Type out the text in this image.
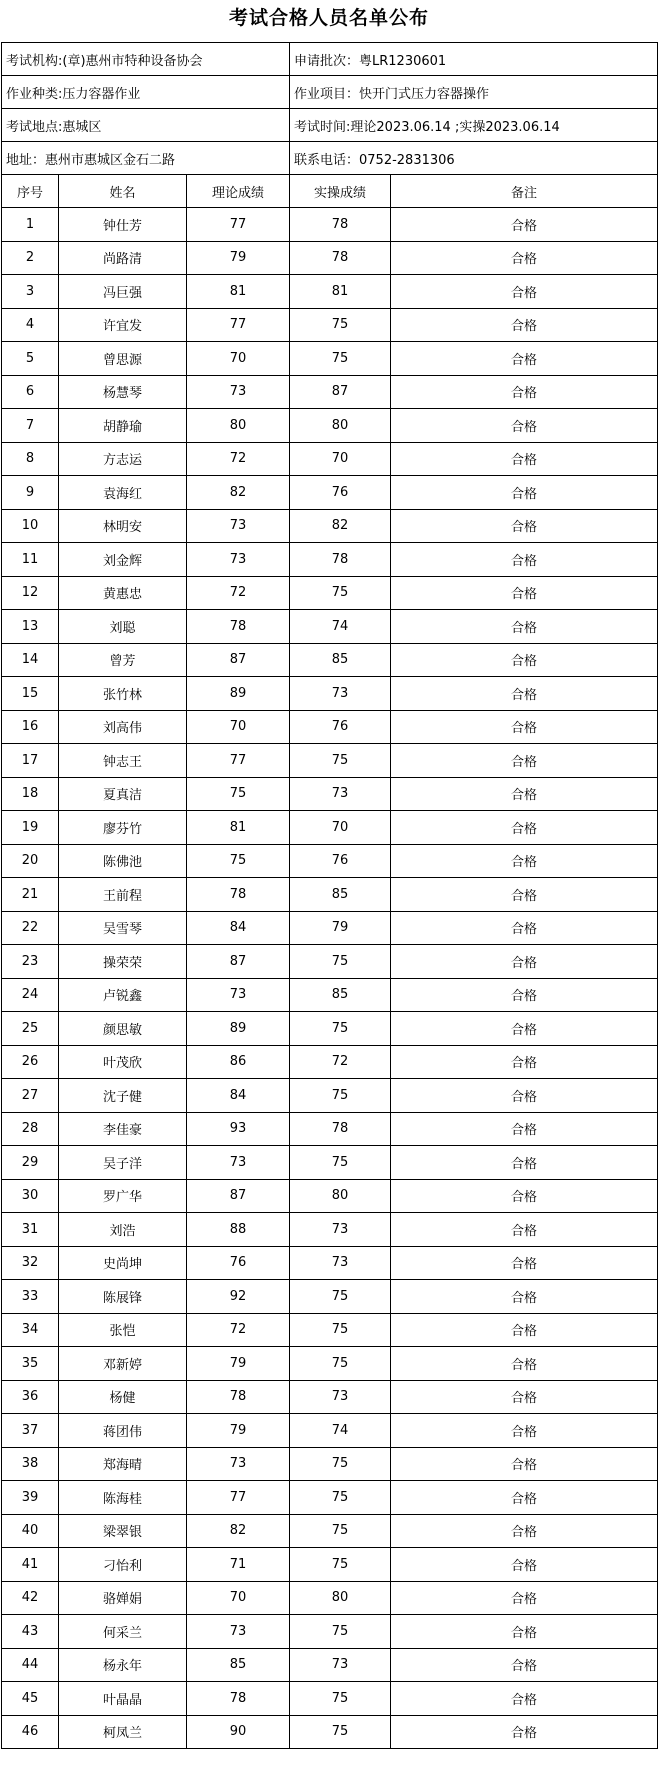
考试合格人员名单公布
考试机构:(章)惠州市特种设备协会			申请批次：粤LR1230601	
作业种类:压力容器作业			作业项目：快开门式压力容器操作	
考试地点:惠城区			考试时间:理论2023.06.14 ;实操2023.06.14	
地址：惠州市惠城区金石二路			联系电话：0752-2831306	
序号	姓名	理论成绩	实操成绩	备注
1	钟仕芳	77	78	合格
2	尚路清	79	78	合格
3	冯巨强	81	81	合格
4	许宜发	77	75	合格
5	曾思源	70	75	合格
6	杨慧琴	73	87	合格
7	胡静瑜	80	80	合格
8	方志运	72	70	合格
9	袁海红	82	76	合格
10	林明安	73	82	合格
11	刘金辉	73	78	合格
12	黄惠忠	72	75	合格
13	刘聪	78	74	合格
14	曾芳	87	85	合格
15	张竹林	89	73	合格
16	刘高伟	70	76	合格
17	钟志王	77	75	合格
18	夏真洁	75	73	合格
19	廖芬竹	81	70	合格
20	陈佛池	75	76	合格
21	王前程	78	85	合格
22	吴雪琴	84	79	合格
23	操荣荣	87	75	合格
24	卢锐鑫	73	85	合格
25	颜思敏	89	75	合格
26	叶茂欣	86	72	合格
27	沈子健	84	75	合格
28	李佳豪	93	78	合格
29	吴子洋	73	75	合格
30	罗广华	87	80	合格
31	刘浩	88	73	合格
32	史尚坤	76	73	合格
33	陈展锋	92	75	合格
34	张恺	72	75	合格
35	邓新婷	79	75	合格
36	杨健	78	73	合格
37	蒋团伟	79	74	合格
38	郑海晴	73	75	合格
39	陈海桂	77	75	合格
40	梁翠银	82	75	合格
41	刁怡利	71	75	合格
42	骆婵娟	70	80	合格
43	何采兰	73	75	合格
44	杨永年	85	73	合格
45	叶晶晶	78	75	合格
46	柯凤兰	90	75	合格
